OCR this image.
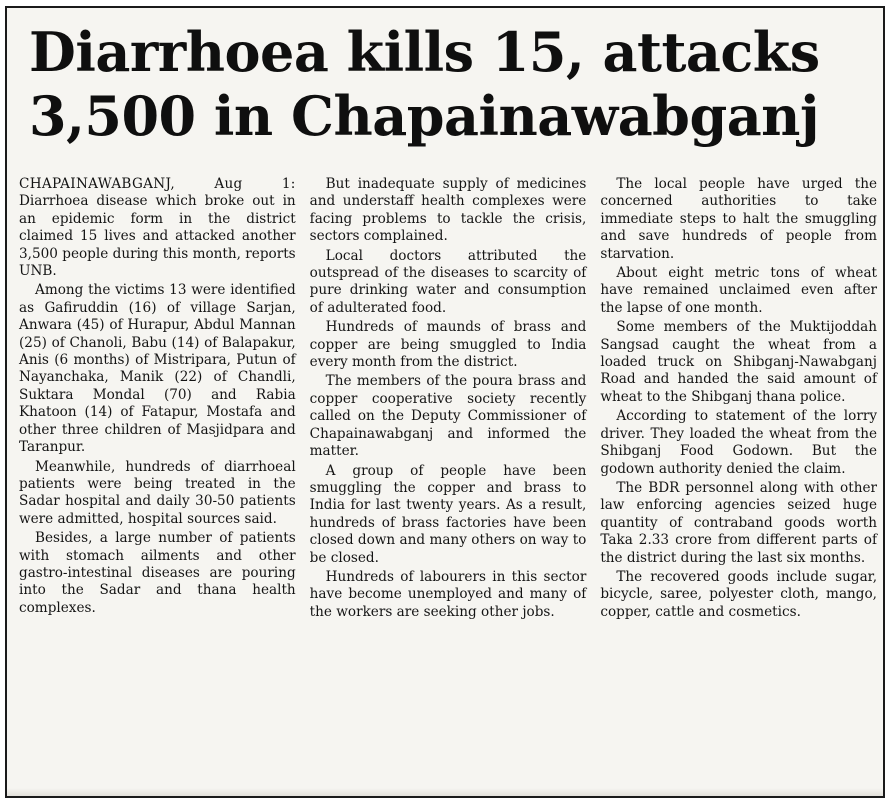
Diarrhoea kills 15, attacks 3,500 in Chapainawabganj

CHAPAINAWABGANJ, Aug 1: Diarrhoea disease which broke out in an epidemic form in the district claimed 15 lives and attacked another 3,500 people during this month, reports UNB.

Among the victims 13 were identified as Gafiruddin (16) of village Sarjan, Anwara (45) of Hurapur, Abdul Mannan (25) of Chanoli, Babu (14) of Balapakur, Anis (6 months) of Mistripara, Putun of Nayanchaka, Manik (22) of Chandli, Suktara Mondal (70) and Rabia Khatoon (14) of Fatapur, Mostafa and other three children of Masjidpara and Taranpur.

Meanwhile, hundreds of diarrhoeal patients were being treated in the Sadar hospital and daily 30-50 patients were admitted, hospital sources said.

Besides, a large number of patients with stomach ailments and other gastro-intestinal diseases are pouring into the Sadar and thana health complexes.

But inadequate supply of medicines and understaff health complexes were facing problems to tackle the crisis, sectors complained.

Local doctors attributed the outspread of the diseases to scarcity of pure drinking water and consumption of adulterated food.

Hundreds of maunds of brass and copper are being smuggled to India every month from the district.

The members of the poura brass and copper cooperative society recently called on the Deputy Commissioner of Chapainawabganj and informed the matter.

A group of people have been smuggling the copper and brass to India for last twenty years. As a result, hundreds of brass factories have been closed down and many others on way to be closed.

Hundreds of labourers in this sector have become unemployed and many of the workers are seeking other jobs.

The local people have urged the concerned authorities to take immediate steps to halt the smuggling and save hundreds of people from starvation.

About eight metric tons of wheat have remained unclaimed even after the lapse of one month.

Some members of the Muktijoddah Sangsad caught the wheat from a loaded truck on Shibganj-Nawabganj Road and handed the said amount of wheat to the Shibganj thana police.

According to statement of the lorry driver. They loaded the wheat from the Shibganj Food Godown. But the godown authority denied the claim.

The BDR personnel along with other law enforcing agencies seized huge quantity of contraband goods worth Taka 2.33 crore from different parts of the district during the last six months.

The recovered goods include sugar, bicycle, saree, polyester cloth, mango, copper, cattle and cosmetics.
